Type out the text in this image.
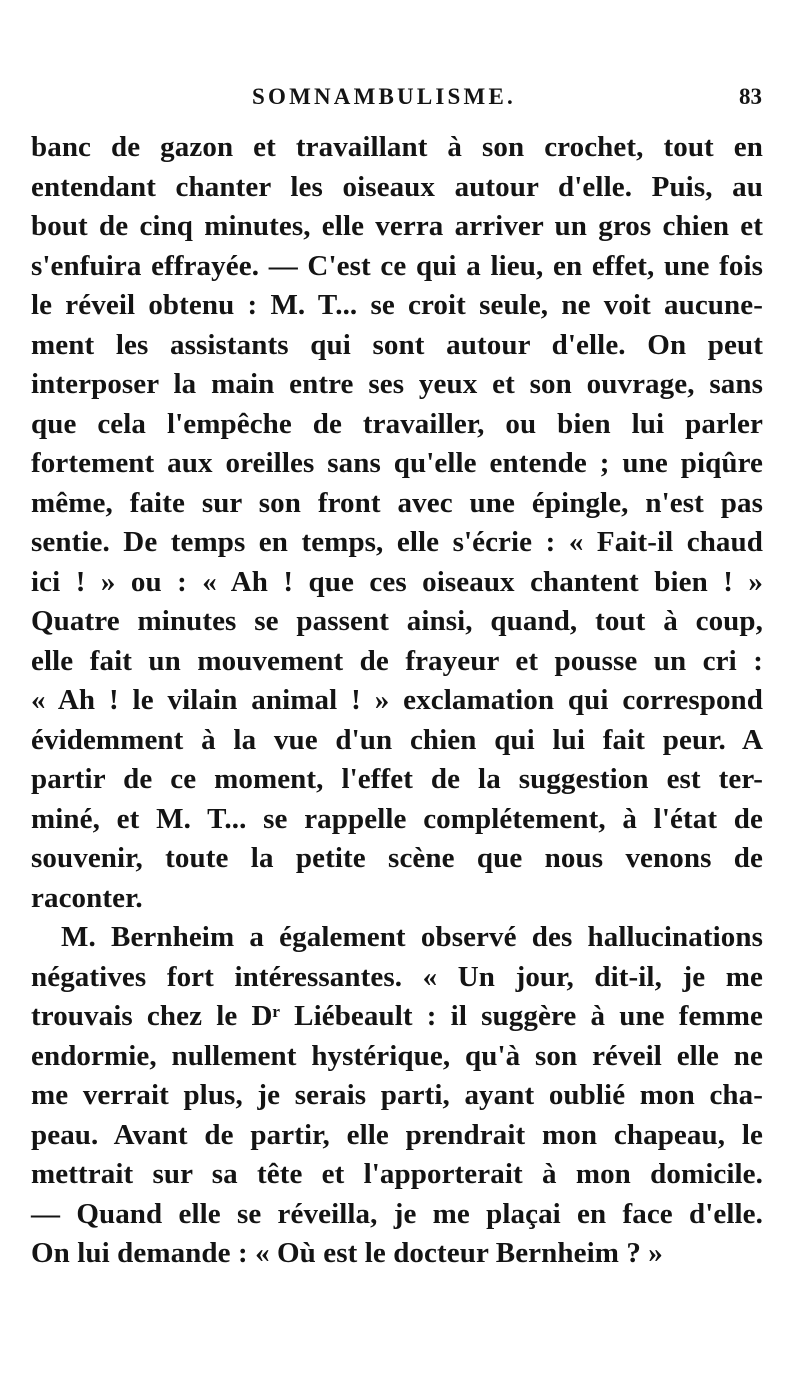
SOMNAMBULISME.	83
banc de gazon et travaillant à son crochet, tout en
entendant chanter les oiseaux autour d'elle. Puis, au
bout de cinq minutes, elle verra arriver un gros chien et
s'enfuira effrayée. — C'est ce qui a lieu, en effet, une fois
le réveil obtenu : M. T... se croit seule, ne voit aucune-
ment les assistants qui sont autour d'elle. On peut
interposer la main entre ses yeux et son ouvrage, sans
que cela l'empêche de travailler, ou bien lui parler
fortement aux oreilles sans qu'elle entende ; une piqûre
même, faite sur son front avec une épingle, n'est pas
sentie. De temps en temps, elle s'écrie : « Fait-il chaud
ici ! » ou : « Ah ! que ces oiseaux chantent bien ! »
Quatre minutes se passent ainsi, quand, tout à coup,
elle fait un mouvement de frayeur et pousse un cri :
« Ah ! le vilain animal ! » exclamation qui correspond
évidemment à la vue d'un chien qui lui fait peur. A
partir de ce moment, l'effet de la suggestion est ter-
miné, et M. T... se rappelle complétement, à l'état de
souvenir, toute la petite scène que nous venons de
raconter.
M. Bernheim a également observé des hallucinations
négatives fort intéressantes. « Un jour, dit-il, je me
trouvais chez le Dʳ Liébeault : il suggère à une femme
endormie, nullement hystérique, qu'à son réveil elle ne
me verrait plus, je serais parti, ayant oublié mon cha-
peau. Avant de partir, elle prendrait mon chapeau, le
mettrait sur sa tête et l'apporterait à mon domicile.
— Quand elle se réveilla, je me plaçai en face d'elle.
On lui demande : « Où est le docteur Bernheim ? »
